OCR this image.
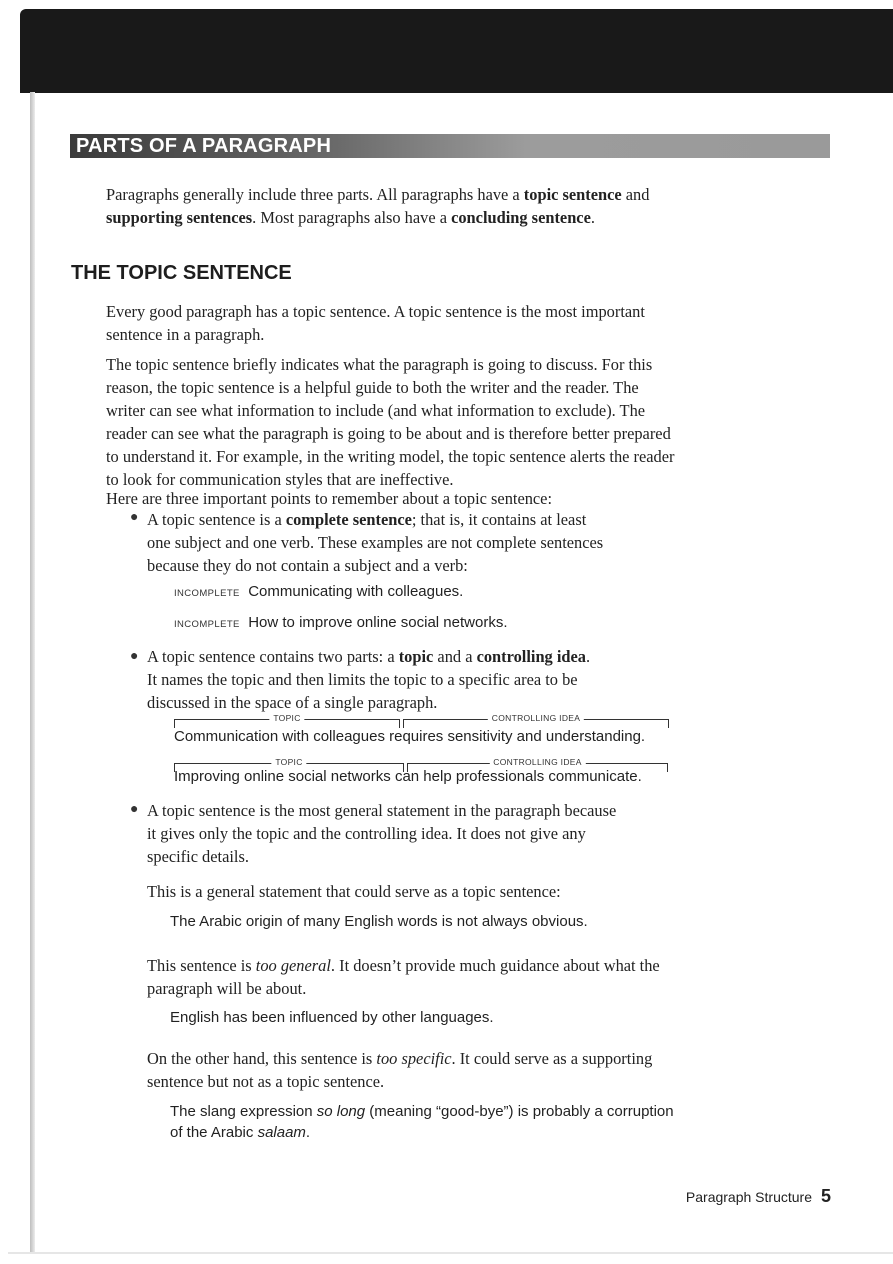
PARTS OF A PARAGRAPH
Paragraphs generally include three parts. All paragraphs have a topic sentence and
supporting sentences. Most paragraphs also have a concluding sentence.
THE TOPIC SENTENCE
Every good paragraph has a topic sentence. A topic sentence is the most important
sentence in a paragraph.
The topic sentence briefly indicates what the paragraph is going to discuss. For this
reason, the topic sentence is a helpful guide to both the writer and the reader. The
writer can see what information to include (and what information to exclude). The
reader can see what the paragraph is going to be about and is therefore better prepared
to understand it. For example, in the writing model, the topic sentence alerts the reader
to look for communication styles that are ineffective.
Here are three important points to remember about a topic sentence:
● A topic sentence is a complete sentence; that is, it contains at least
one subject and one verb. These examples are not complete sentences
because they do not contain a subject and a verb:
INCOMPLETE Communicating with colleagues.
INCOMPLETE How to improve online social networks.
● A topic sentence contains two parts: a topic and a controlling idea.
It names the topic and then limits the topic to a specific area to be
discussed in the space of a single paragraph.
TOPIC	CONTROLLING IDEA
Communication with colleagues requires sensitivity and understanding.
TOPIC	CONTROLLING IDEA
Improving online social networks can help professionals communicate.
● A topic sentence is the most general statement in the paragraph because
it gives only the topic and the controlling idea. It does not give any
specific details.
This is a general statement that could serve as a topic sentence:
The Arabic origin of many English words is not always obvious.
This sentence is too general. It doesn’t provide much guidance about what the
paragraph will be about.
English has been influenced by other languages.
On the other hand, this sentence is too specific. It could serve as a supporting
sentence but not as a topic sentence.
The slang expression so long (meaning “good-bye”) is probably a corruption
of the Arabic salaam.
Paragraph Structure 5
